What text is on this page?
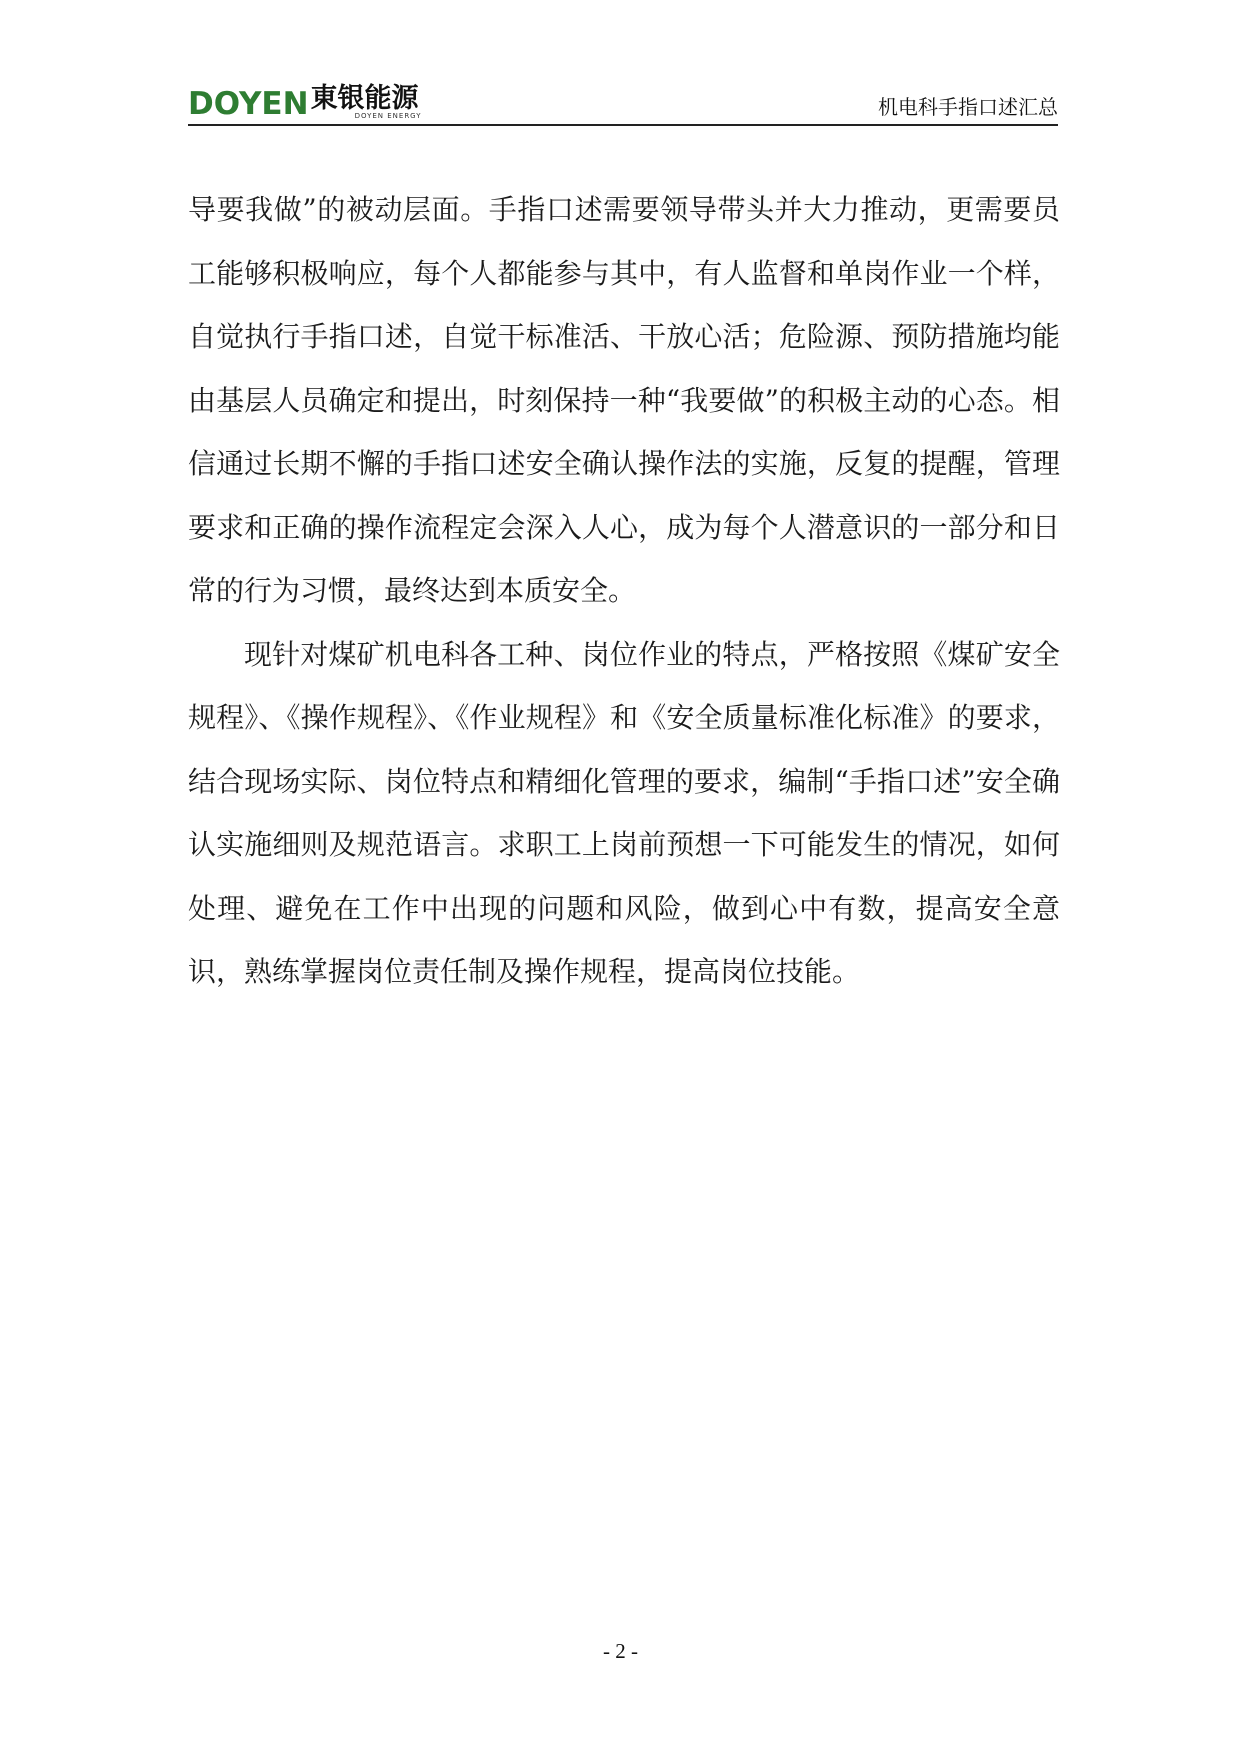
DOYEN 東银能源
DOYEN ENERGY	机电科手指口述汇总

导要我做”的被动层面。手指口述需要领导带头并大力推动，更需要员工能够积极响应，每个人都能参与其中，有人监督和单岗作业一个样，自觉执行手指口述，自觉干标准活、干放心活；危险源、预防措施均能由基层人员确定和提出，时刻保持一种“我要做”的积极主动的心态。相信通过长期不懈的手指口述安全确认操作法的实施，反复的提醒，管理要求和正确的操作流程定会深入人心，成为每个人潜意识的一部分和日常的行为习惯，最终达到本质安全。

现针对煤矿机电科各工种、岗位作业的特点，严格按照《煤矿安全规程》、《操作规程》、《作业规程》和《安全质量标准化标准》的要求，结合现场实际、岗位特点和精细化管理的要求，编制“手指口述”安全确认实施细则及规范语言。求职工上岗前预想一下可能发生的情况，如何处理、避免在工作中出现的问题和风险，做到心中有数，提高安全意识，熟练掌握岗位责任制及操作规程，提高岗位技能。

- 2 -
